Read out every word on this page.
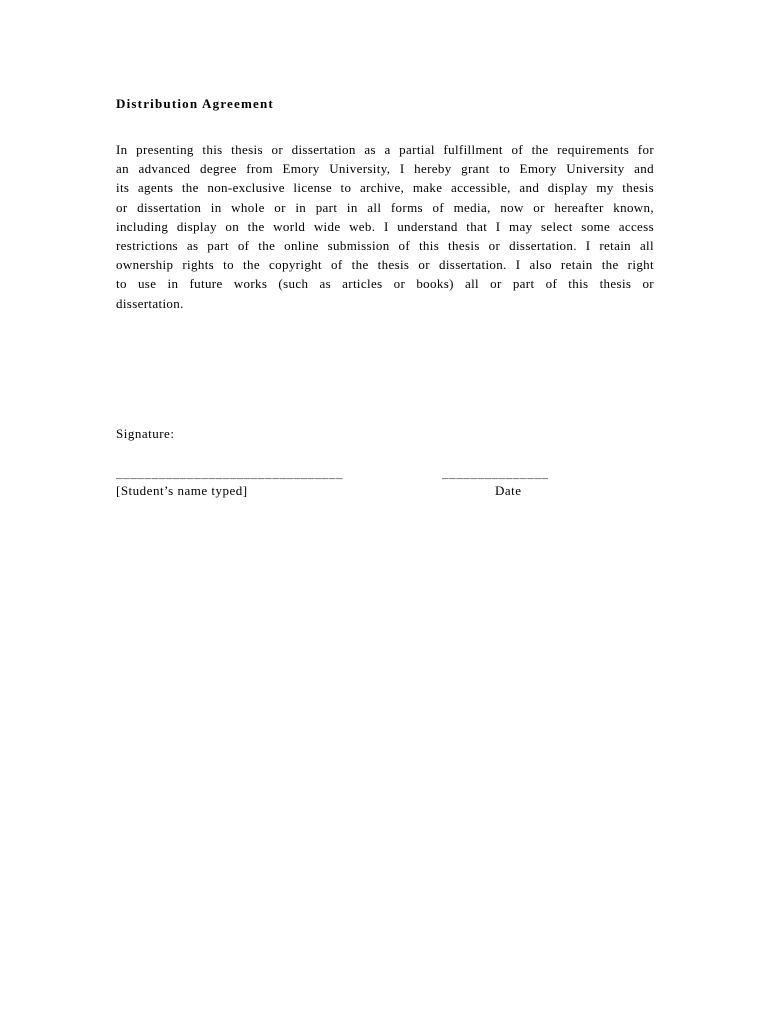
Distribution Agreement

In presenting this thesis or dissertation as a partial fulfillment of the requirements for
an advanced degree from Emory University, I hereby grant to Emory University and
its agents the non-exclusive license to archive, make accessible, and display my thesis
or dissertation in whole or in part in all forms of media, now or hereafter known,
including display on the world wide web. I understand that I may select some access
restrictions as part of the online submission of this thesis or dissertation. I retain all
ownership rights to the copyright of the thesis or dissertation. I also retain the right
to use in future works (such as articles or books) all or part of this thesis or
dissertation.

Signature:
________________________________	_______________
[Student’s name typed]	Date
